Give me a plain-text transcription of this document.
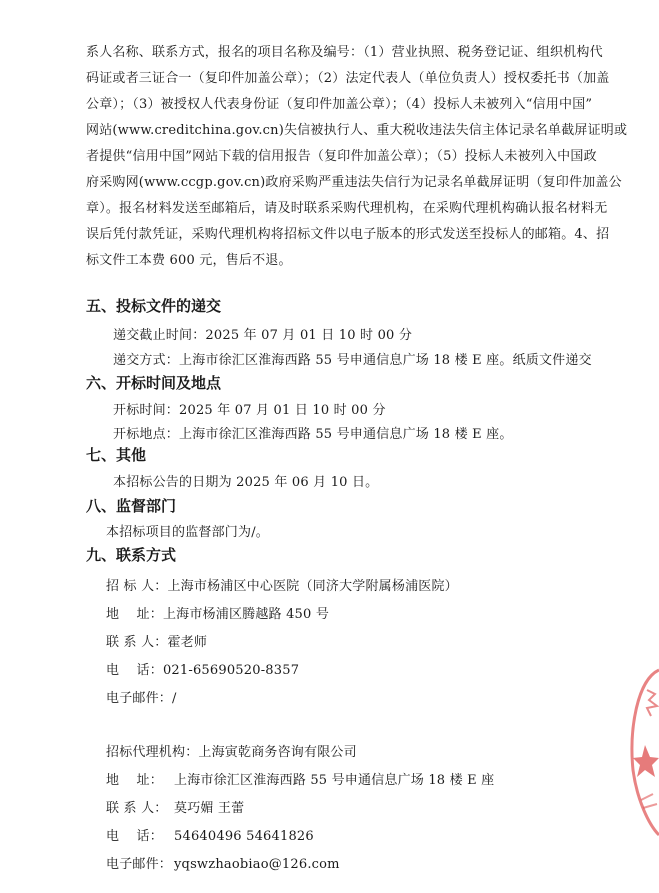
系人名称、联系方式，报名的项目名称及编号：（1）营业执照、税务登记证、组织机构代

码证或者三证合一（复印件加盖公章）；（2）法定代表人（单位负责人）授权委托书（加盖

公章）；（3）被授权人代表身份证（复印件加盖公章）；（4）投标人未被列入“信用中国”

网站(www.creditchina.gov.cn)失信被执行人、重大税收违法失信主体记录名单截屏证明或

者提供“信用中国”网站下载的信用报告（复印件加盖公章）；（5）投标人未被列入中国政

府采购网(www.ccgp.gov.cn)政府采购严重违法失信行为记录名单截屏证明（复印件加盖公

章）。报名材料发送至邮箱后，请及时联系采购代理机构，在采购代理机构确认报名材料无

误后凭付款凭证，采购代理机构将招标文件以电子版本的形式发送至投标人的邮箱。4、招

标文件工本费 600 元，售后不退。

五、投标文件的递交
递交截止时间：2025 年 07 月 01 日 10 时 00 分
递交方式：上海市徐汇区淮海西路 55 号申通信息广场 18 楼 E 座。纸质文件递交
六、开标时间及地点
开标时间：2025 年 07 月 01 日 10 时 00 分
开标地点：上海市徐汇区淮海西路 55 号申通信息广场 18 楼 E 座。
七、其他
本招标公告的日期为 2025 年 06 月 10 日。
八、监督部门
本招标项目的监督部门为/。
九、联系方式
招 标 人：上海市杨浦区中心医院（同济大学附属杨浦医院）
地    址：上海市杨浦区腾越路 450 号
联 系 人：霍老师
电    话：021-65690520-8357
电子邮件：/
招标代理机构：上海寅乾商务咨询有限公司
地    址： 上海市徐汇区淮海西路 55 号申通信息广场 18 楼 E 座
联 系 人： 莫巧媚 王蕾
电    话： 54640496 54641826
电子邮件： yqswzhaobiao@126.com
